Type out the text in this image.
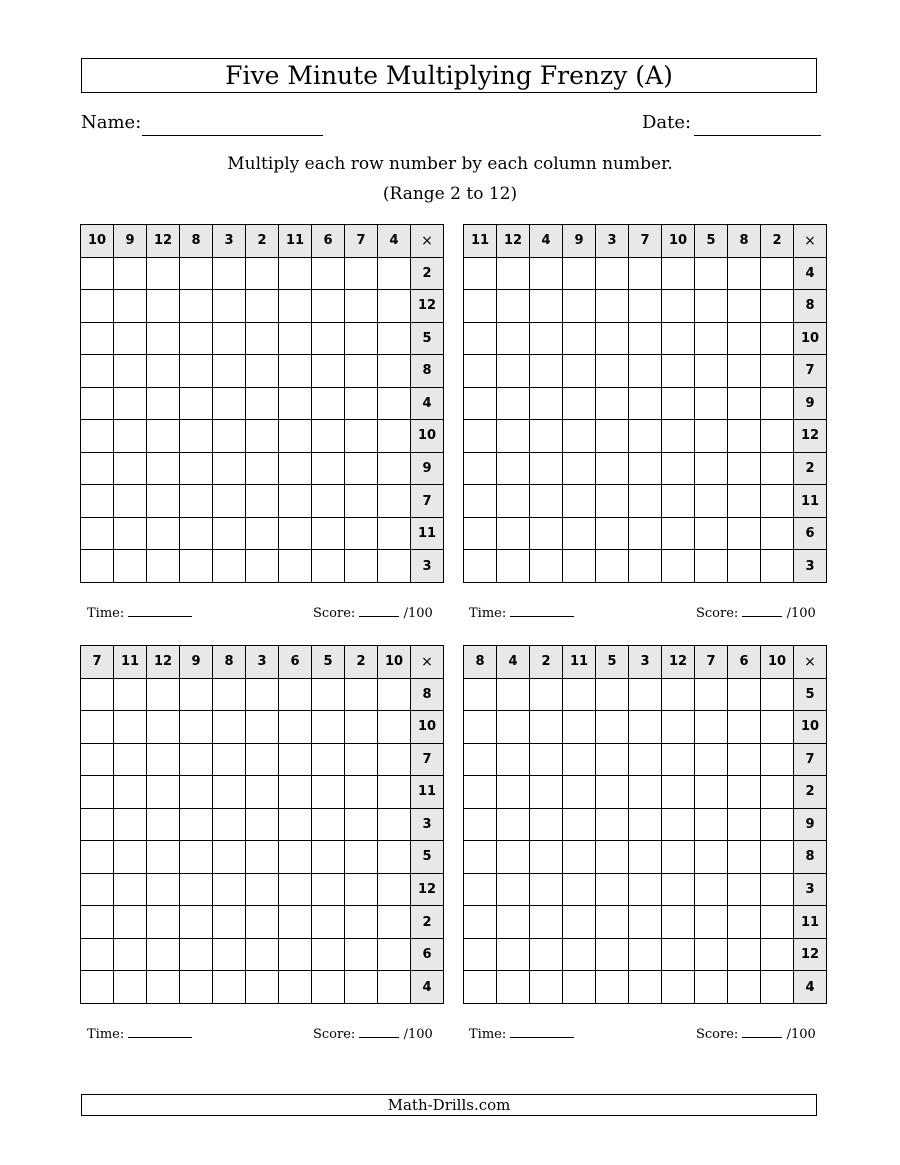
Five Minute Multiplying Frenzy (A)
Name:	Date:
Multiply each row number by each column number.
(Range 2 to 12)
10	9	12	8	3	2	11	6	7	4	×
										2
										12
										5
										8
										4
										10
										9
										7
										11
										3
11	12	4	9	3	7	10	5	8	2	×
										4
										8
										10
										7
										9
										12
										2
										11
										6
										3
7	11	12	9	8	3	6	5	2	10	×
										8
										10
										7
										11
										3
										5
										12
										2
										6
										4
8	4	2	11	5	3	12	7	6	10	×
										5
										10
										7
										2
										9
										8
										3
										11
										12
										4
Time:	Score:	/100	Time:	Score:	/100
Time:	Score:	/100	Time:	Score:	/100
Math-Drills.com
